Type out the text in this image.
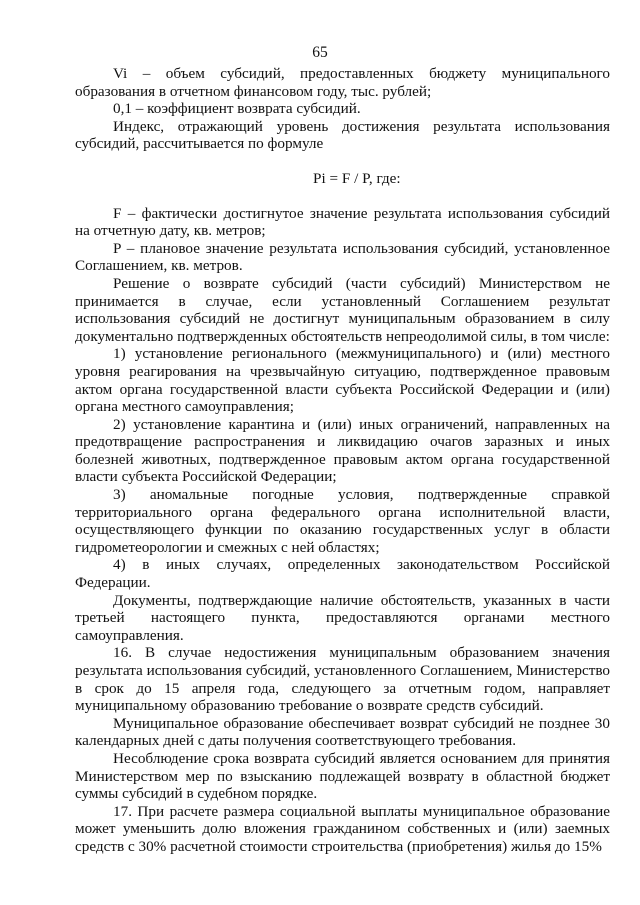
65

Vi – объем субсидий, предоставленных бюджету муниципального образования в отчетном финансовом году, тыс. рублей;

0,1 – коэффициент возврата субсидий.

Индекс, отражающий уровень достижения результата использования субсидий, рассчитывается по формуле

Pi = F / P, где:

F – фактически достигнутое значение результата использования субсидий на отчетную дату, кв. метров;

P – плановое значение результата использования субсидий, установленное Соглашением, кв. метров.

Решение о возврате субсидий (части субсидий) Министерством не принимается в случае, если установленный Соглашением результат использования субсидий не достигнут муниципальным образованием в силу документально подтвержденных обстоятельств непреодолимой силы, в том числе:

1) установление регионального (межмуниципального) и (или) местного уровня реагирования на чрезвычайную ситуацию, подтвержденное правовым актом органа государственной власти субъекта Российской Федерации и (или) органа местного самоуправления;

2) установление карантина и (или) иных ограничений, направленных на предотвращение распространения и ликвидацию очагов заразных и иных болезней животных, подтвержденное правовым актом органа государственной власти субъекта Российской Федерации;

3) аномальные погодные условия, подтвержденные справкой территориального органа федерального органа исполнительной власти, осуществляющего функции по оказанию государственных услуг в области гидрометеорологии и смежных с ней областях;

4) в иных случаях, определенных законодательством Российской Федерации.

Документы, подтверждающие наличие обстоятельств, указанных в части третьей настоящего пункта, предоставляются органами местного самоуправления.

16. В случае недостижения муниципальным образованием значения результата использования субсидий, установленного Соглашением, Министерство в срок до 15 апреля года, следующего за отчетным годом, направляет муниципальному образованию требование о возврате средств субсидий.

Муниципальное образование обеспечивает возврат субсидий не позднее 30 календарных дней с даты получения соответствующего требования.

Несоблюдение срока возврата субсидий является основанием для принятия Министерством мер по взысканию подлежащей возврату в областной бюджет суммы субсидий в судебном порядке.

17. При расчете размера социальной выплаты муниципальное образование может уменьшить долю вложения гражданином собственных и (или) заемных средств с 30% расчетной стоимости строительства (приобретения) жилья до 15%
